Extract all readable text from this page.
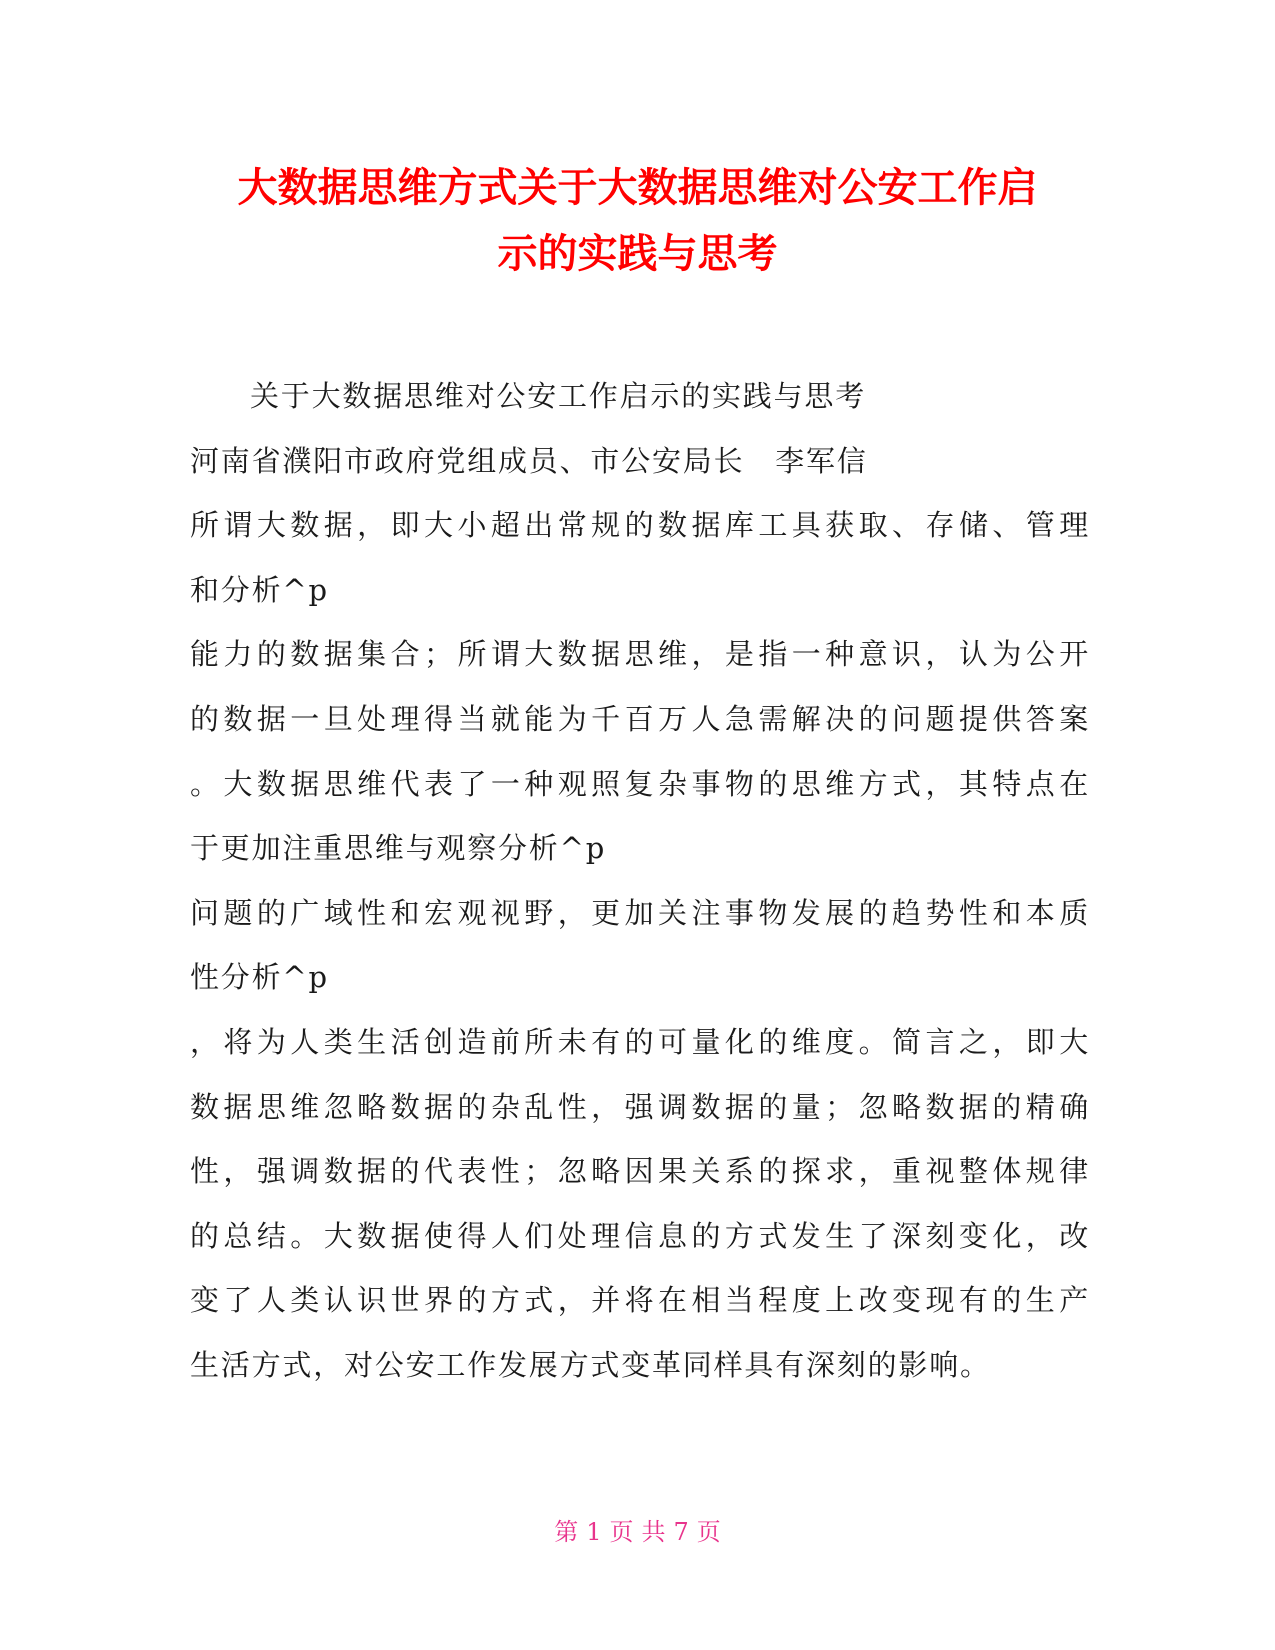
大数据思维方式关于大数据思维对公安工作启
示的实践与思考
关于大数据思维对公安工作启示的实践与思考
河南省濮阳市政府党组成员、市公安局长　李军信
所谓大数据，即大小超出常规的数据库工具获取、存储、管理
和分析^p
能力的数据集合；所谓大数据思维，是指一种意识，认为公开
的数据一旦处理得当就能为千百万人急需解决的问题提供答案
。大数据思维代表了一种观照复杂事物的思维方式，其特点在
于更加注重思维与观察分析^p
问题的广域性和宏观视野，更加关注事物发展的趋势性和本质
性分析^p
，将为人类生活创造前所未有的可量化的维度。简言之，即大
数据思维忽略数据的杂乱性，强调数据的量；忽略数据的精确
性，强调数据的代表性；忽略因果关系的探求，重视整体规律
的总结。大数据使得人们处理信息的方式发生了深刻变化，改
变了人类认识世界的方式，并将在相当程度上改变现有的生产
生活方式，对公安工作发展方式变革同样具有深刻的影响。
第 1 页 共 7 页
